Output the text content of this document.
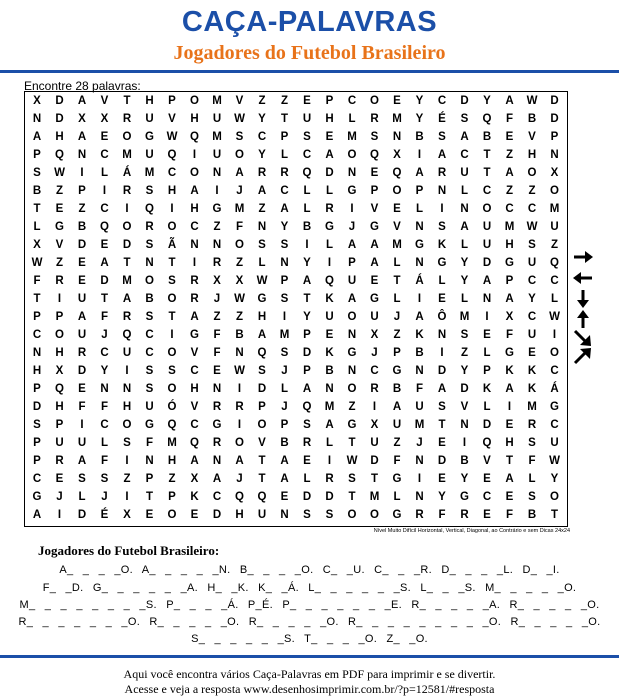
CAÇA-PALAVRAS
Jogadores do Futebol Brasileiro
Encontre 28 palavras:
X	D	A	V	T	H	P	O	M	V	Z	Z	E	P	C	O	E	Y	C	D	Y	A	W	D
N	D	X	X	R	U	V	H	U	W	Y	T	U	H	L	R	M	Y	É	S	Q	F	B	D
A	H	A	E	O	G	W	Q	M	S	C	P	S	E	M	S	N	B	S	A	B	E	V	P
P	Q	N	C	M	U	Q	I	U	O	Y	L	C	A	O	Q	X	I	A	C	T	Z	H	N
S	W	I	L	Á	M	C	O	N	A	R	R	Q	D	N	E	Q	A	R	U	T	A	O	X
B	Z	P	I	R	S	H	A	I	J	A	C	L	L	G	P	O	P	N	L	C	Z	Z	O
T	E	Z	C	I	Q	I	H	G	M	Z	A	L	R	I	V	E	L	I	N	O	C	C	M
L	G	B	Q	O	R	O	C	Z	F	N	Y	B	G	J	G	V	N	S	A	U	M	W	U
X	V	D	E	D	S	Ã	N	N	O	S	S	I	L	A	A	M	G	K	L	U	H	S	Z
W	Z	E	A	T	N	T	I	R	Z	L	N	Y	I	P	A	L	N	G	Y	D	G	U	Q
F	R	E	D	M	O	S	R	X	X	W	P	A	Q	U	E	T	Á	L	Y	A	P	C	C
T	I	U	T	A	B	O	R	J	W	G	S	T	K	A	G	L	I	E	L	N	A	Y	L
P	P	A	F	R	S	T	A	Z	Z	H	I	Y	U	O	U	J	A	Ô	M	I	X	C	W
C	O	U	J	Q	C	I	G	F	B	A	M	P	E	N	X	Z	K	N	S	E	F	U	I
N	H	R	C	U	C	O	V	F	N	Q	S	D	K	G	J	P	B	I	Z	L	G	E	O
H	X	D	Y	I	S	S	C	E	W	S	J	P	B	N	C	G	N	D	Y	P	K	K	C
P	Q	E	N	N	S	O	H	N	I	D	L	A	N	O	R	B	F	A	D	K	A	K	Á
D	H	F	F	H	U	Ó	V	R	R	P	J	Q	M	Z	I	A	U	S	V	L	I	M	G
S	P	I	C	O	G	Q	C	G	I	O	P	S	A	G	X	U	M	T	N	D	E	R	C
P	U	U	L	S	F	M	Q	R	O	V	B	R	L	T	U	Z	J	E	I	Q	H	S	U
P	R	A	F	I	N	H	A	N	A	T	A	E	I	W	D	F	N	D	B	V	T	F	W
C	E	S	S	Z	P	Z	X	A	J	T	A	L	R	S	T	G	I	E	Y	E	A	L	Y
G	J	L	J	I	T	P	K	C	Q	Q	E	D	D	T	M	L	N	Y	G	C	E	S	O
A	I	D	É	X	E	O	E	D	H	U	N	S	S	O	O	G	R	F	R	E	F	B	T
Nível Muito Difícil Horizontal, Vertical, Diagonal, ao Contrário e sem Dicas 24x24
Jogadores do Futebol Brasileiro:
A_ _ _ _O. A_ _ _ _ _N. B_ _ _ _O. C_ _U. C_ _ _R. D_ _ _ _L. D_ _I.
F_ _D. G_ _ _ _ _ _A. H_ _K. K_ _Á. L_ _ _ _ _ _S. L_ _ _S. M_ _ _ _ _O.
M_ _ _ _ _ _ _ _S. P_ _ _ _Á. P_É. P_ _ _ _ _ _ _E. R_ _ _ _ _A. R_ _ _ _ _O.
R_ _ _ _ _ _ _O. R_ _ _ _ _O. R_ _ _ _ _O. R_ _ _ _ _ _ _ _ _O. R_ _ _ _ _O.
S_ _ _ _ _ _S. T_ _ _ _O. Z_ _O.
Aqui você encontra vários Caça-Palavras em PDF para imprimir e se divertir.
Acesse e veja a resposta www.desenhosimprimir.com.br/?p=12581/#resposta
